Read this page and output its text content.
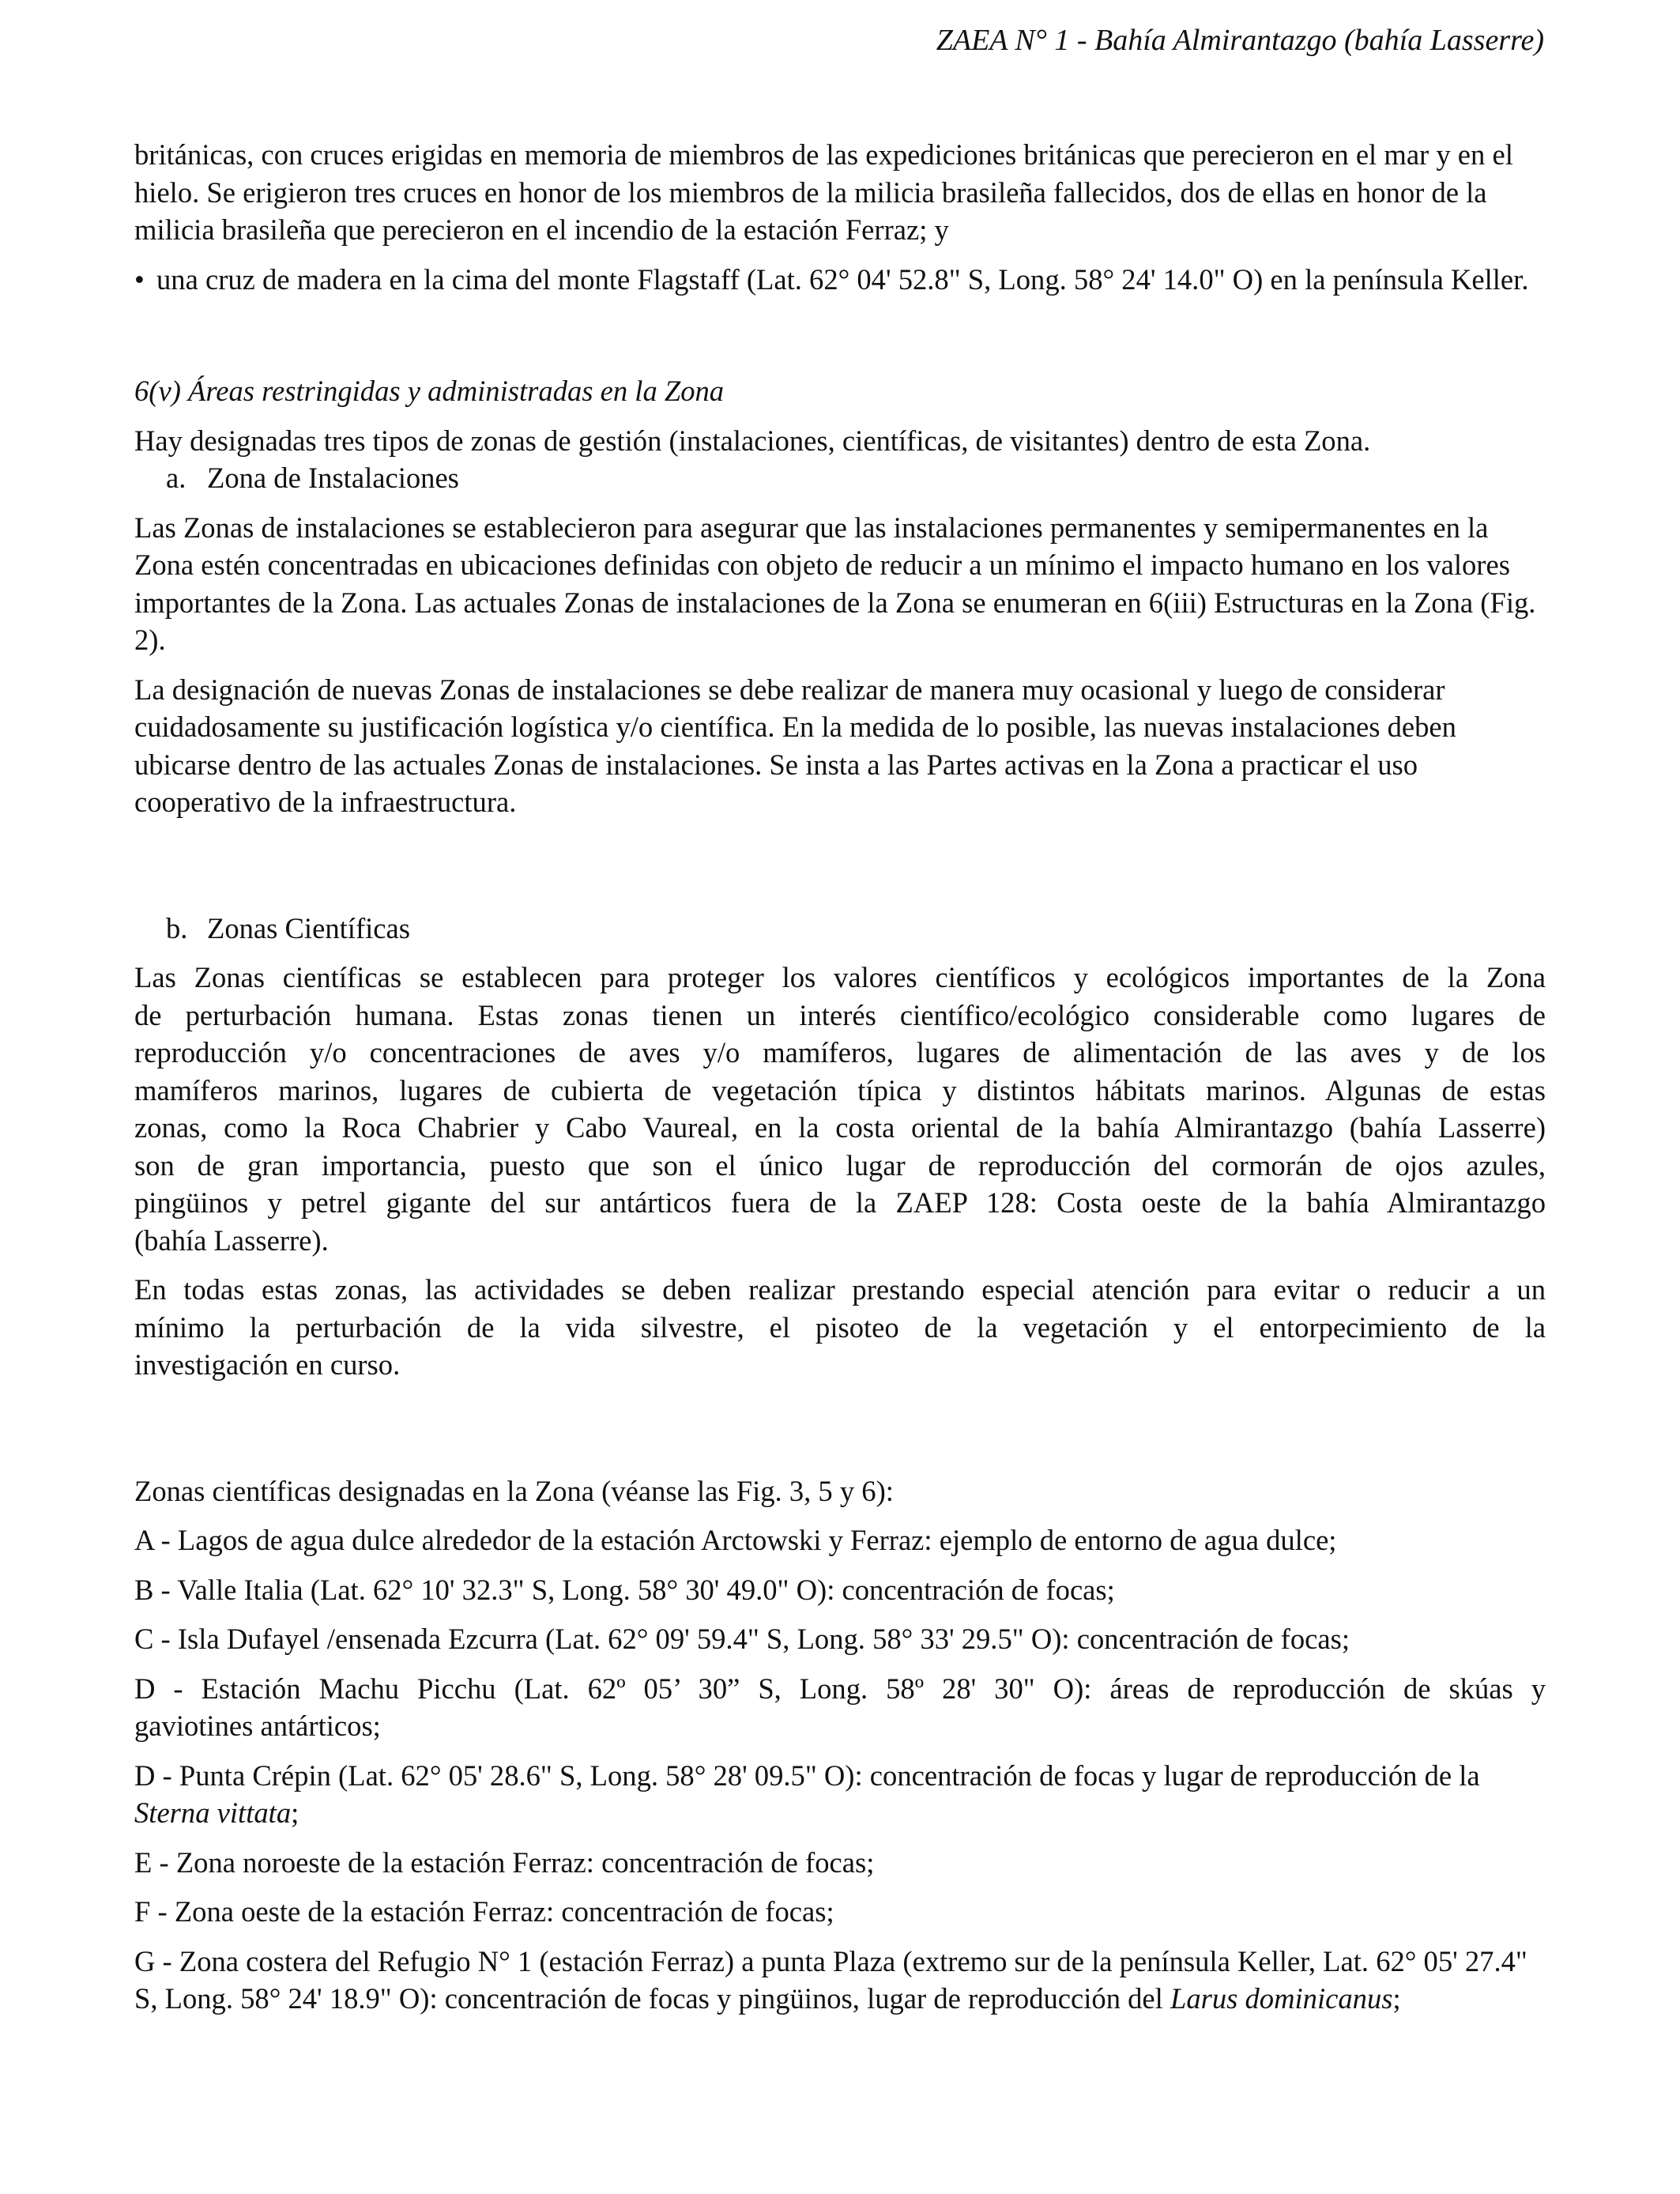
ZAEA N° 1 - Bahía Almirantazgo (bahía Lasserre)

británicas, con cruces erigidas en memoria de miembros de las expediciones británicas que perecieron en el mar y en el hielo. Se erigieron tres cruces en honor de los miembros de la milicia brasileña fallecidos, dos de ellas en honor de la milicia brasileña que perecieron en el incendio de la estación Ferraz; y

• una cruz de madera en la cima del monte Flagstaff (Lat. 62° 04' 52.8" S, Long. 58° 24' 14.0" O) en la península Keller.

6(v) Áreas restringidas y administradas en la Zona

Hay designadas tres tipos de zonas de gestión (instalaciones, científicas, de visitantes) dentro de esta Zona.

a. Zona de Instalaciones

Las Zonas de instalaciones se establecieron para asegurar que las instalaciones permanentes y semipermanentes en la Zona estén concentradas en ubicaciones definidas con objeto de reducir a un mínimo el impacto humano en los valores importantes de la Zona. Las actuales Zonas de instalaciones de la Zona se enumeran en 6(iii) Estructuras en la Zona (Fig. 2).

La designación de nuevas Zonas de instalaciones se debe realizar de manera muy ocasional y luego de considerar cuidadosamente su justificación logística y/o científica. En la medida de lo posible, las nuevas instalaciones deben ubicarse dentro de las actuales Zonas de instalaciones. Se insta a las Partes activas en la Zona a practicar el uso cooperativo de la infraestructura.

b. Zonas Científicas

Las Zonas científicas se establecen para proteger los valores científicos y ecológicos importantes de la Zona
de perturbación humana. Estas zonas tienen un interés científico/ecológico considerable como lugares de
reproducción y/o concentraciones de aves y/o mamíferos, lugares de alimentación de las aves y de los
mamíferos marinos, lugares de cubierta de vegetación típica y distintos hábitats marinos. Algunas de estas
zonas, como la Roca Chabrier y Cabo Vaureal, en la costa oriental de la bahía Almirantazgo (bahía Lasserre)
son de gran importancia, puesto que son el único lugar de reproducción del cormorán de ojos azules,
pingüinos y petrel gigante del sur antárticos fuera de la ZAEP 128: Costa oeste de la bahía Almirantazgo
(bahía Lasserre).

En todas estas zonas, las actividades se deben realizar prestando especial atención para evitar o reducir a un
mínimo la perturbación de la vida silvestre, el pisoteo de la vegetación y el entorpecimiento de la
investigación en curso.

Zonas científicas designadas en la Zona (véanse las Fig. 3, 5 y 6):

A - Lagos de agua dulce alrededor de la estación Arctowski y Ferraz: ejemplo de entorno de agua dulce;

B - Valle Italia (Lat. 62° 10' 32.3" S, Long. 58° 30' 49.0" O): concentración de focas;

C - Isla Dufayel /ensenada Ezcurra (Lat. 62° 09' 59.4" S, Long. 58° 33' 29.5" O): concentración de focas;

D - Estación Machu Picchu (Lat. 62º 05’ 30” S, Long. 58º 28' 30" O): áreas de reproducción de skúas y
gaviotines antárticos;

D - Punta Crépin (Lat. 62° 05' 28.6" S, Long. 58° 28' 09.5" O): concentración de focas y lugar de reproducción de la Sterna vittata;

E - Zona noroeste de la estación Ferraz: concentración de focas;

F - Zona oeste de la estación Ferraz: concentración de focas;

G - Zona costera del Refugio N° 1 (estación Ferraz) a punta Plaza (extremo sur de la península Keller, Lat. 62° 05' 27.4" S, Long. 58° 24' 18.9" O): concentración de focas y pingüinos, lugar de reproducción del Larus dominicanus;
